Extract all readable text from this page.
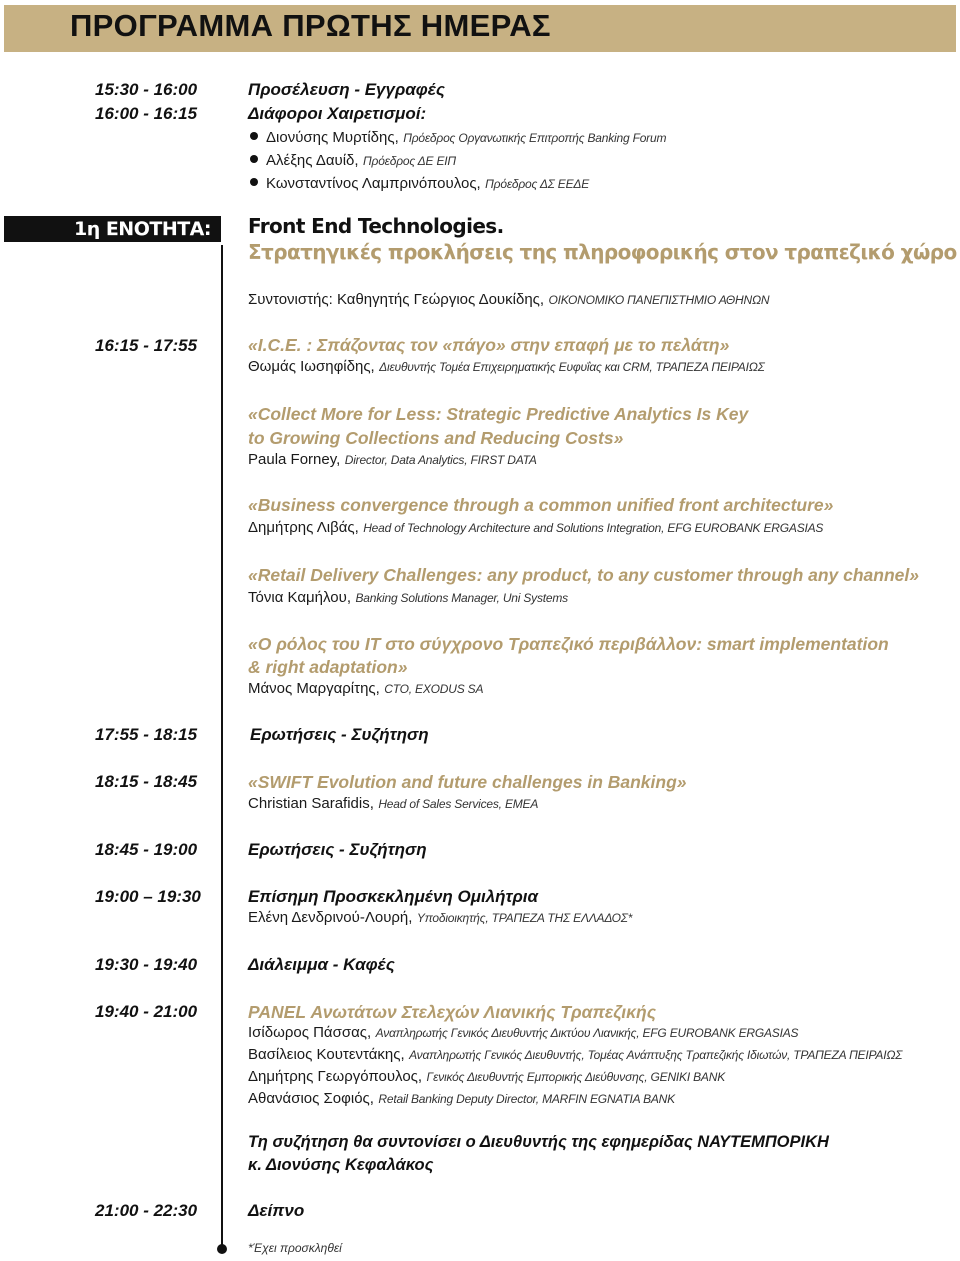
ΠΡΟΓΡΑΜΜΑ ΠΡΩΤΗΣ ΗΜΕΡΑΣ
15:30 - 16:00	Προσέλευση - Εγγραφές
16:00 - 16:15	Διάφοροι Χαιρετισμοί:
Διονύσης Μυρτίδης, Πρόεδρος Οργανωτικής Επιτροπής Banking Forum
Αλέξης Δαυίδ, Πρόεδρος ΔΕ ΕΙΠ
Κωνσταντίνος Λαμπρινόπουλος, Πρόεδρος ΔΣ ΕΕΔΕ
1η ΕΝΟΤΗΤΑ: Front End Technologies.
Στρατηγικές προκλήσεις της πληροφορικής στον τραπεζικό χώρο
Συντονιστής: Καθηγητής Γεώργιος Δουκίδης, ΟΙΚΟΝΟΜΙΚΟ ΠΑΝΕΠΙΣΤΗΜΙΟ ΑΘΗΝΩΝ
16:15 - 17:55	«I.C.E. : Σπάζοντας τον «πάγο» στην επαφή με το πελάτη»
Θωμάς Ιωσηφίδης, Διευθυντής Τομέα Επιχειρηματικής Ευφυΐας και CRM, ΤΡΑΠΕΖΑ ΠΕΙΡΑΙΩΣ
«Collect More for Less: Strategic Predictive Analytics Is Key
to Growing Collections and Reducing Costs»
Paula Forney, Director, Data Analytics, FIRST DATA
«Business convergence through a common unified front architecture»
Δημήτρης Λιβάς, Head of Technology Architecture and Solutions Integration, EFG EUROBANK ERGASIAS
«Retail Delivery Challenges: any product, to any customer through any channel»
Τόνια Καμήλου, Banking Solutions Manager, Uni Systems
«Ο ρόλος του IT στο σύγχρονο Τραπεζικό περιβάλλον: smart implementation
& right adaptation»
Μάνος Μαργαρίτης, CTO, EXODUS SA
17:55 - 18:15	Ερωτήσεις - Συζήτηση
18:15 - 18:45	«SWIFT Evolution and future challenges in Banking»
Christian Sarafidis, Head of Sales Services, EMEA
18:45 - 19:00	Ερωτήσεις - Συζήτηση
19:00 – 19:30	Επίσημη Προσκεκλημένη Ομιλήτρια
Ελένη Δενδρινού-Λουρή, Υποδιοικητής, ΤΡΑΠΕΖΑ ΤΗΣ ΕΛΛΑΔΟΣ*
19:30 - 19:40	Διάλειμμα - Καφές
19:40 - 21:00	PANEL Ανωτάτων Στελεχών Λιανικής Τραπεζικής
Ισίδωρος Πάσσας, Αναπληρωτής Γενικός Διευθυντής Δικτύου Λιανικής, EFG EUROBANK ERGASIAS
Βασίλειος Κουτεντάκης, Αναπληρωτής Γενικός Διευθυντής, Τομέας Ανάπτυξης Τραπεζικής Ιδιωτών, ΤΡΑΠΕΖΑ ΠΕΙΡΑΙΩΣ
Δημήτρης Γεωργόπουλος, Γενικός Διευθυντής Εμπορικής Διεύθυνσης, GENIKI BANK
Αθανάσιος Σοφιός, Retail Banking Deputy Director, MARFIN EGNATIA BANK
Τη συζήτηση θα συντονίσει ο Διευθυντής της εφημερίδας ΝΑΥΤΕΜΠΟΡΙΚΗ
κ. Διονύσης Κεφαλάκος
21:00 - 22:30	Δείπνο
*Έχει προσκληθεί
